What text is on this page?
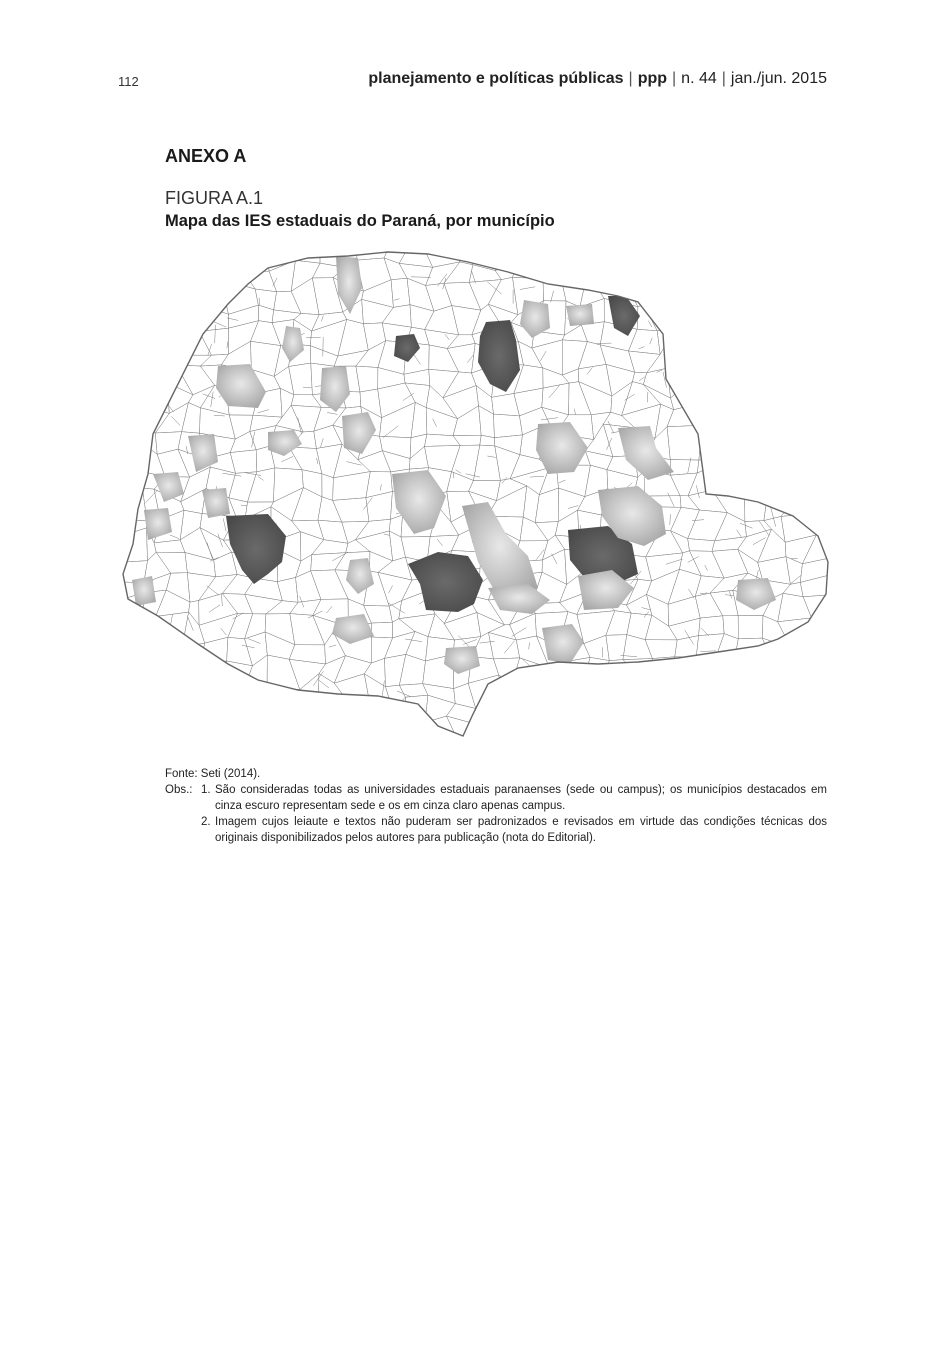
112	planejamento e políticas públicas | ppp | n. 44 | jan./jun. 2015
ANEXO A
FIGURA A.1
Mapa das IES estaduais do Paraná, por município

Fonte: Seti (2014).

Obs.: 1. São consideradas todas as universidades estaduais paranaenses (sede ou campus); os municípios destacados em cinza escuro representam sede e os em cinza claro apenas campus.
2. Imagem cujos leiaute e textos não puderam ser padronizados e revisados em virtude das condições técnicas dos originais disponibilizados pelos autores para publicação (nota do Editorial).
